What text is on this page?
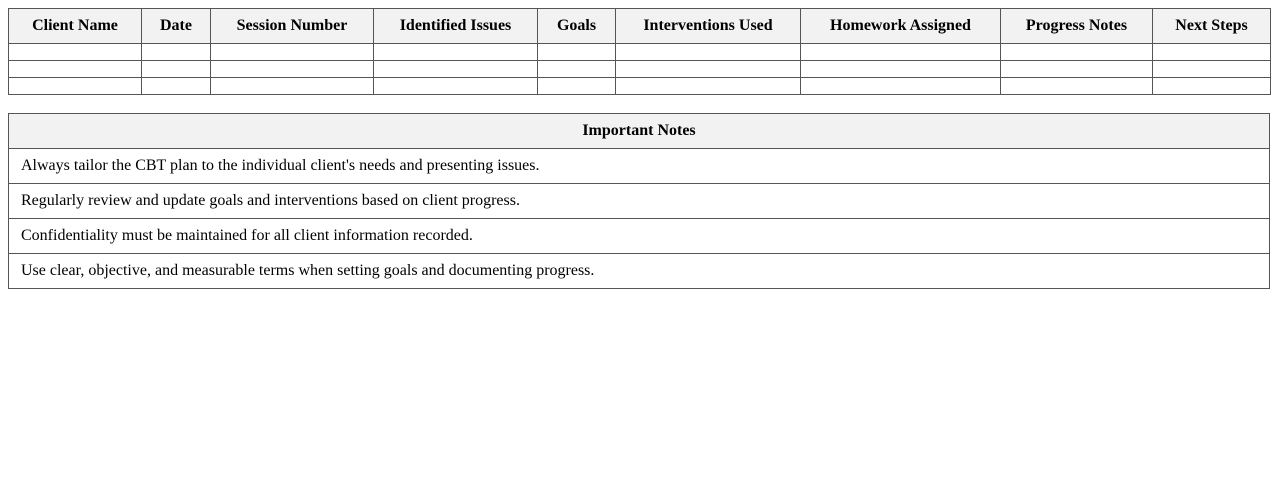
Client Name	Date	Session Number	Identified Issues	Goals	Interventions Used	Homework Assigned	Progress Notes	Next Steps

Important Notes
Always tailor the CBT plan to the individual client's needs and presenting issues.
Regularly review and update goals and interventions based on client progress.
Confidentiality must be maintained for all client information recorded.
Use clear, objective, and measurable terms when setting goals and documenting progress.
